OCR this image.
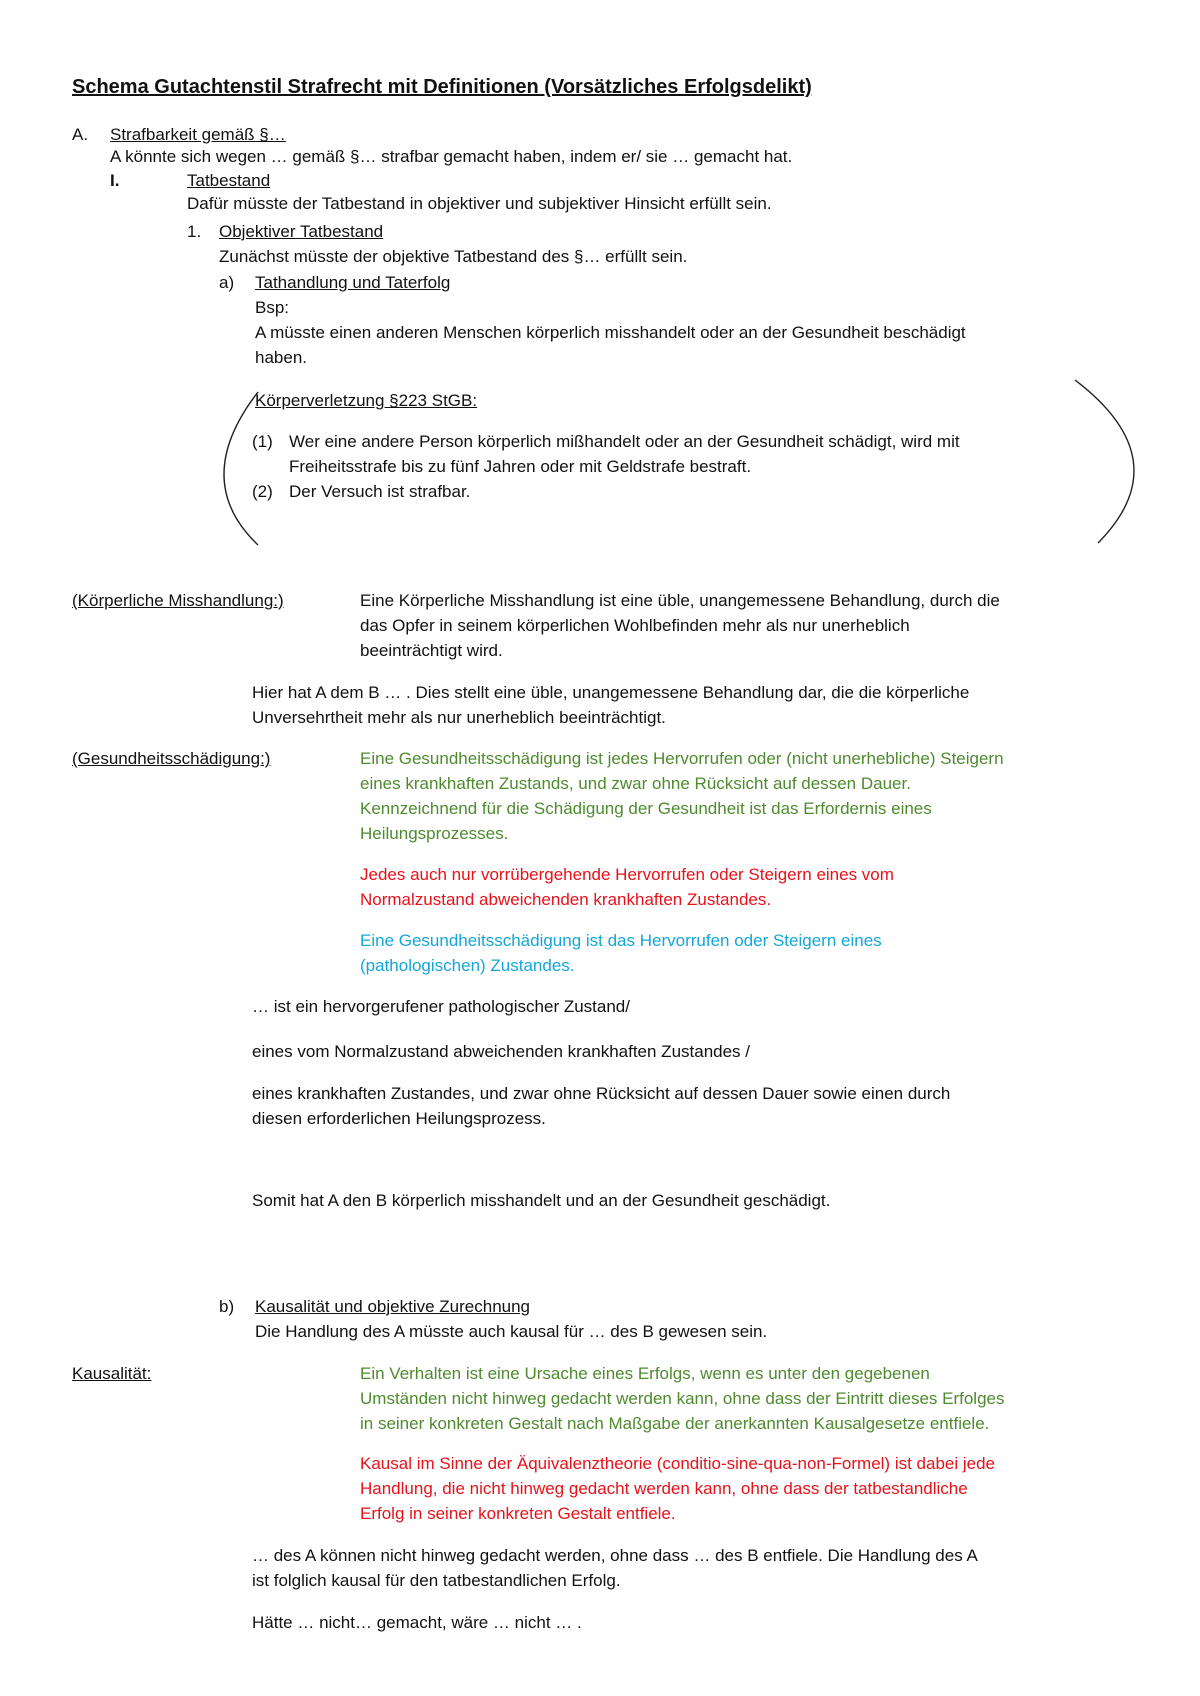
Schema Gutachtenstil Strafrecht mit Definitionen (Vorsätzliches Erfolgsdelikt)
A. Strafbarkeit gemäß §…
A könnte sich wegen … gemäß §… strafbar gemacht haben, indem er/ sie … gemacht hat.
I.	Tatbestand
Dafür müsste der Tatbestand in objektiver und subjektiver Hinsicht erfüllt sein.
1. Objektiver Tatbestand
Zunächst müsste der objektive Tatbestand des §… erfüllt sein.
a) Tathandlung und Taterfolg
Bsp:
A müsste einen anderen Menschen körperlich misshandelt oder an der Gesundheit beschädigt
haben.
Körperverletzung §223 StGB:
(1) Wer eine andere Person körperlich mißhandelt oder an der Gesundheit schädigt, wird mit
Freiheitsstrafe bis zu fünf Jahren oder mit Geldstrafe bestraft.
(2) Der Versuch ist strafbar.
(Körperliche Misshandlung:)	Eine Körperliche Misshandlung ist eine üble, unangemessene Behandlung, durch die
das Opfer in seinem körperlichen Wohlbefinden mehr als nur unerheblich
beeinträchtigt wird.
Hier hat A dem B … . Dies stellt eine üble, unangemessene Behandlung dar, die die körperliche
Unversehrtheit mehr als nur unerheblich beeinträchtigt.
(Gesundheitsschädigung:)	Eine Gesundheitsschädigung ist jedes Hervorrufen oder (nicht unerhebliche) Steigern
eines krankhaften Zustands, und zwar ohne Rücksicht auf dessen Dauer.
Kennzeichnend für die Schädigung der Gesundheit ist das Erfordernis eines
Heilungsprozesses.
Jedes auch nur vorrübergehende Hervorrufen oder Steigern eines vom
Normalzustand abweichenden krankhaften Zustandes.
Eine Gesundheitsschädigung ist das Hervorrufen oder Steigern eines
(pathologischen) Zustandes.
… ist ein hervorgerufener pathologischer Zustand/
eines vom Normalzustand abweichenden krankhaften Zustandes /
eines krankhaften Zustandes, und zwar ohne Rücksicht auf dessen Dauer sowie einen durch
diesen erforderlichen Heilungsprozess.
Somit hat A den B körperlich misshandelt und an der Gesundheit geschädigt.
b) Kausalität und objektive Zurechnung
Die Handlung des A müsste auch kausal für … des B gewesen sein.
Kausalität:	Ein Verhalten ist eine Ursache eines Erfolgs, wenn es unter den gegebenen
Umständen nicht hinweg gedacht werden kann, ohne dass der Eintritt dieses Erfolges
in seiner konkreten Gestalt nach Maßgabe der anerkannten Kausalgesetze entfiele.
Kausal im Sinne der Äquivalenztheorie (conditio-sine-qua-non-Formel) ist dabei jede
Handlung, die nicht hinweg gedacht werden kann, ohne dass der tatbestandliche
Erfolg in seiner konkreten Gestalt entfiele.
… des A können nicht hinweg gedacht werden, ohne dass … des B entfiele. Die Handlung des A
ist folglich kausal für den tatbestandlichen Erfolg.
Hätte … nicht… gemacht, wäre … nicht … .
